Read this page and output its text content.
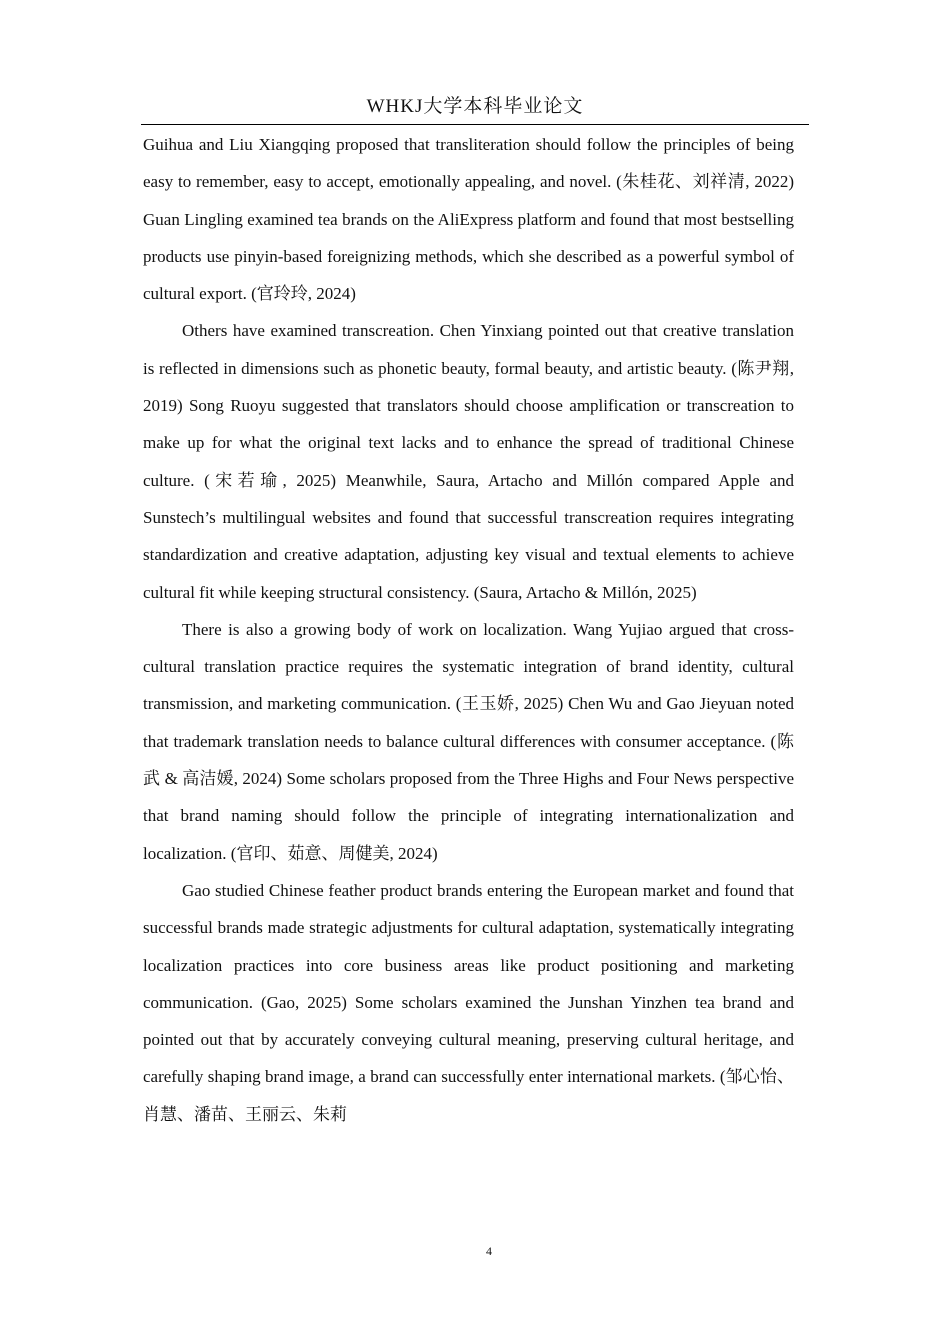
WHKJ大学本科毕业论文

Guihua and Liu Xiangqing proposed that transliteration should follow the principles of being easy to remember, easy to accept, emotionally appealing, and novel. (朱桂花、刘祥清, 2022) Guan Lingling examined tea brands on the AliExpress platform and found that most bestselling products use pinyin-based foreignizing methods, which she described as a powerful symbol of cultural export. (官玲玲, 2024)

Others have examined transcreation. Chen Yinxiang pointed out that creative translation is reflected in dimensions such as phonetic beauty, formal beauty, and artistic beauty. (陈尹翔, 2019) Song Ruoyu suggested that translators should choose amplification or transcreation to make up for what the original text lacks and to enhance the spread of traditional Chinese culture. (宋若瑜, 2025) Meanwhile, Saura, Artacho and Millón compared Apple and Sunstech’s multilingual websites and found that successful transcreation requires integrating standardization and creative adaptation, adjusting key visual and textual elements to achieve cultural fit while keeping structural consistency. (Saura, Artacho & Millón, 2025)

There is also a growing body of work on localization. Wang Yujiao argued that cross-cultural translation practice requires the systematic integration of brand identity, cultural transmission, and marketing communication. (王玉娇, 2025) Chen Wu and Gao Jieyuan noted that trademark translation needs to balance cultural differences with consumer acceptance. (陈武 & 高洁媛, 2024) Some scholars proposed from the Three Highs and Four News perspective that brand naming should follow the principle of integrating internationalization and localization. (官印、茹意、周健美, 2024)

Gao studied Chinese feather product brands entering the European market and found that successful brands made strategic adjustments for cultural adaptation, systematically integrating localization practices into core business areas like product positioning and marketing communication. (Gao, 2025) Some scholars examined the Junshan Yinzhen tea brand and pointed out that by accurately conveying cultural meaning, preserving cultural heritage, and carefully shaping brand image, a brand can successfully enter international markets. (邹心怡、肖慧、潘苗、王丽云、朱莉

4
